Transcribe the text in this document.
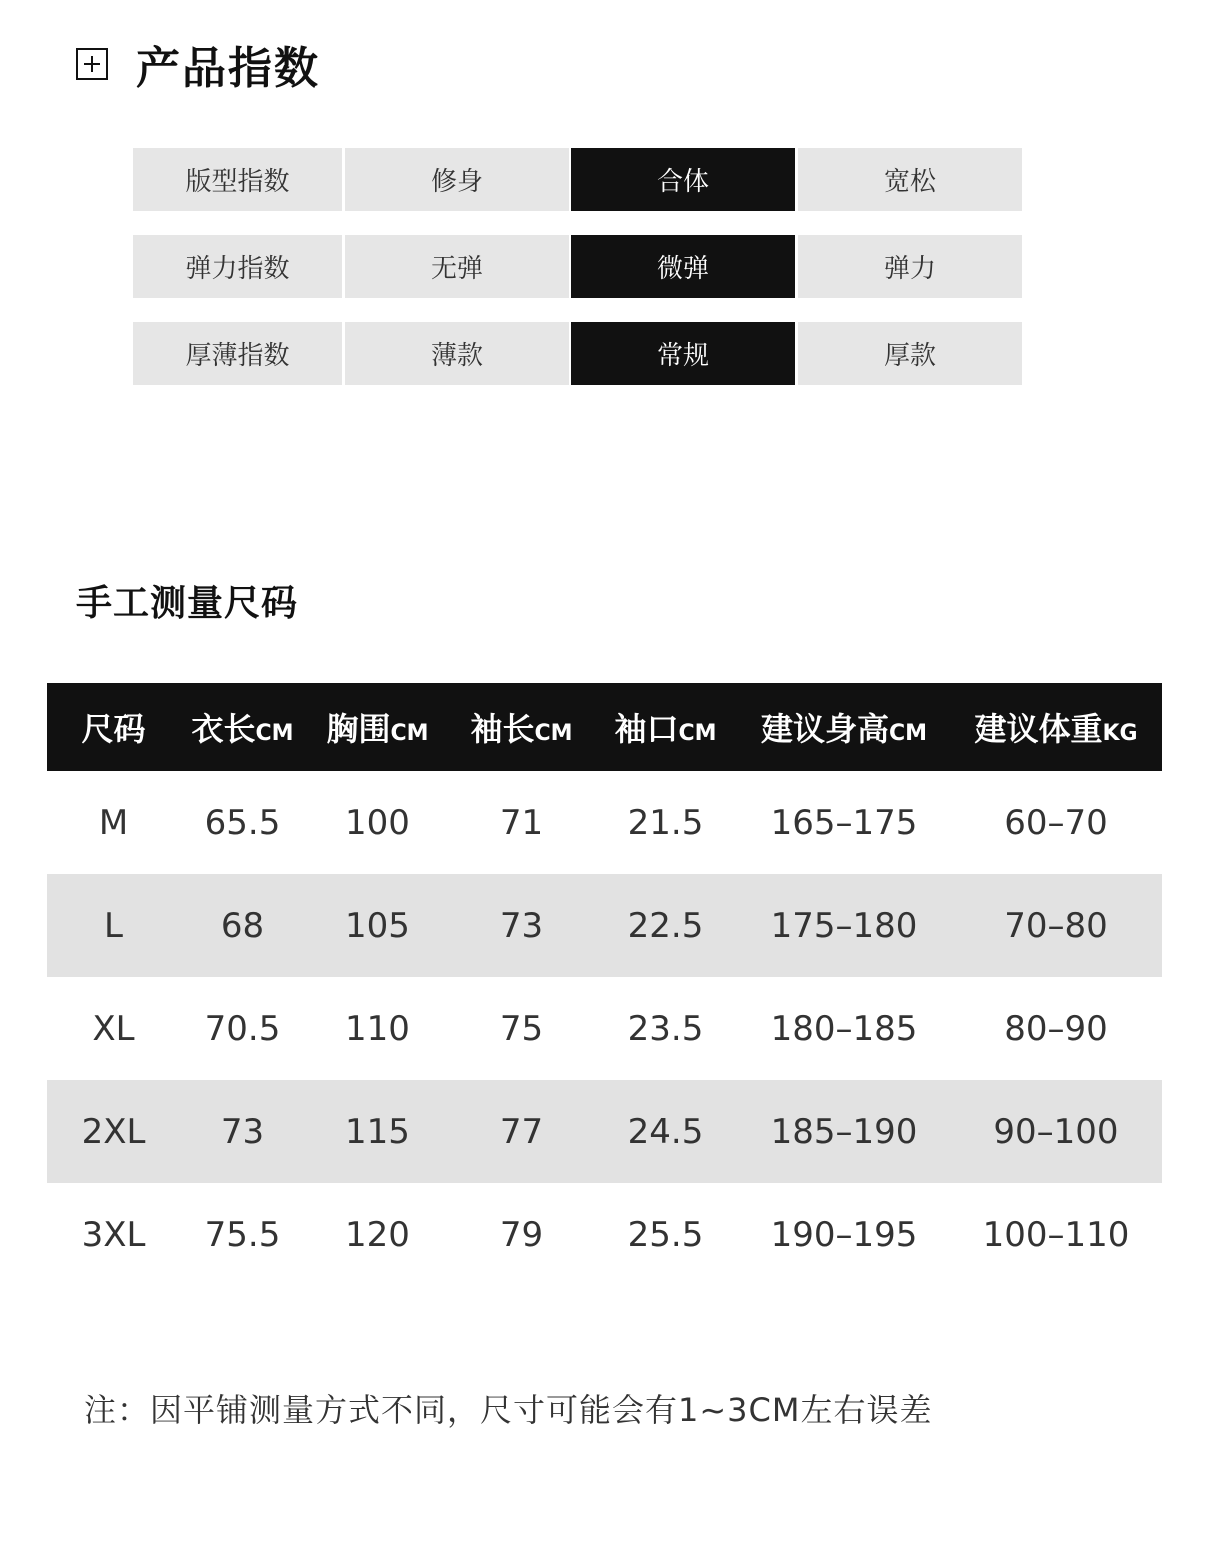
产品指数
版型指数	修身	合体	宽松
弹力指数	无弹	微弹	弹力
厚薄指数	薄款	常规	厚款
手工测量尺码
尺码	衣长CM	胸围CM	袖长CM	袖口CM	建议身高CM	建议体重KG
M	65.5	100	71	21.5	165–175	60–70
L	68	105	73	22.5	175–180	70–80
XL	70.5	110	75	23.5	180–185	80–90
2XL	73	115	77	24.5	185–190	90–100
3XL	75.5	120	79	25.5	190–195	100–110
注：因平铺测量方式不同，尺寸可能会有1~3CM左右误差
